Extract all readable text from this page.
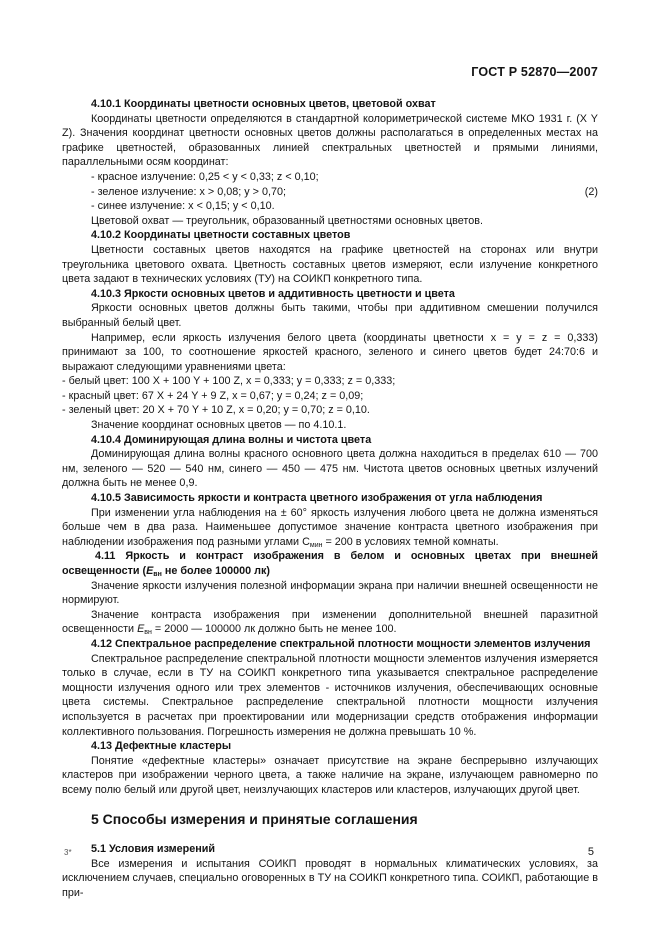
ГОСТ Р 52870—2007

4.10.1 Координаты цветности основных цветов, цветовой охват

Координаты цветности определяются в стандартной колориметрической системе МКО 1931 г. (X Y Z). Значения координат цветности основных цветов должны располагаться в определенных местах на графике цветностей, образованных линией спектральных цветностей и прямыми линиями, параллельными осям координат:

- красное излучение: 0,25 < y < 0,33; z < 0,10;

- зеленое излучение: x > 0,08; y > 0,70;	(2)

- синее излучение: x < 0,15; y < 0,10.

Цветовой охват — треугольник, образованный цветностями основных цветов.

4.10.2 Координаты цветности составных цветов

Цветности составных цветов находятся на графике цветностей на сторонах или внутри треугольника цветового охвата. Цветность составных цветов измеряют, если излучение конкретного цвета задают в технических условиях (ТУ) на СОИКП конкретного типа.

4.10.3 Яркости основных цветов и аддитивность цветности и цвета

Яркости основных цветов должны быть такими, чтобы при аддитивном смешении получился выбранный белый цвет.

Например, если яркость излучения белого цвета (координаты цветности x = y = z = 0,333) принимают за 100, то соотношение яркостей красного, зеленого и синего цветов будет 24:70:6 и выражают следующими уравнениями цвета:

- белый цвет: 100 X + 100 Y + 100 Z, x = 0,333; y = 0,333; z = 0,333;

- красный цвет: 67 X + 24 Y + 9 Z, x = 0,67; y = 0,24; z = 0,09;

- зеленый цвет: 20 X + 70 Y + 10 Z, x = 0,20; y = 0,70; z = 0,10.

Значение координат основных цветов — по 4.10.1.

4.10.4 Доминирующая длина волны и чистота цвета

Доминирующая длина волны красного основного цвета должна находиться в пределах 610 — 700 нм, зеленого — 520 — 540 нм, синего — 450 — 475 нм. Чистота цветов основных цветных излучений должна быть не менее 0,9.

4.10.5 Зависимость яркости и контраста цветного изображения от угла наблюдения

При изменении угла наблюдения на ± 60° яркость излучения любого цвета не должна изменяться больше чем в два раза. Наименьшее допустимое значение контраста цветного изображения при наблюдении изображения под разными углами $C_{мин} = 200$ в условиях темной комнаты.

4.11 Яркость и контраст изображения в белом и основных цветах при внешней освещенности ($E_{вн}$ не более 100000 лк)

Значение яркости излучения полезной информации экрана при наличии внешней освещенности не нормируют.

Значение контраста изображения при изменении дополнительной внешней паразитной освещенности $E_{вн} = 2000$ — 100000 лк должно быть не менее 100.

4.12 Спектральное распределение спектральной плотности мощности элементов излучения

Спектральное распределение спектральной плотности мощности элементов излучения измеряется только в случае, если в ТУ на СОИКП конкретного типа указывается спектральное распределение мощности излучения одного или трех элементов - источников излучения, обеспечивающих основные цвета системы. Спектральное распределение спектральной плотности мощности излучения используется в расчетах при проектировании или модернизации средств отображения информации коллективного пользования. Погрешность измерения не должна превышать 10 %.

4.13 Дефектные кластеры

Понятие «дефектные кластеры» означает присутствие на экране беспрерывно излучающих кластеров при изображении черного цвета, а также наличие на экране, излучающем равномерно по всему полю белый или другой цвет, неизлучающих кластеров или кластеров, излучающих другой цвет.

5 Способы измерения и принятые соглашения

5.1 Условия измерений

Все измерения и испытания СОИКП проводят в нормальных климатических условиях, за исключением случаев, специально оговоренных в ТУ на СОИКП конкретного типа. СОИКП, работающие в при-

3*	5
